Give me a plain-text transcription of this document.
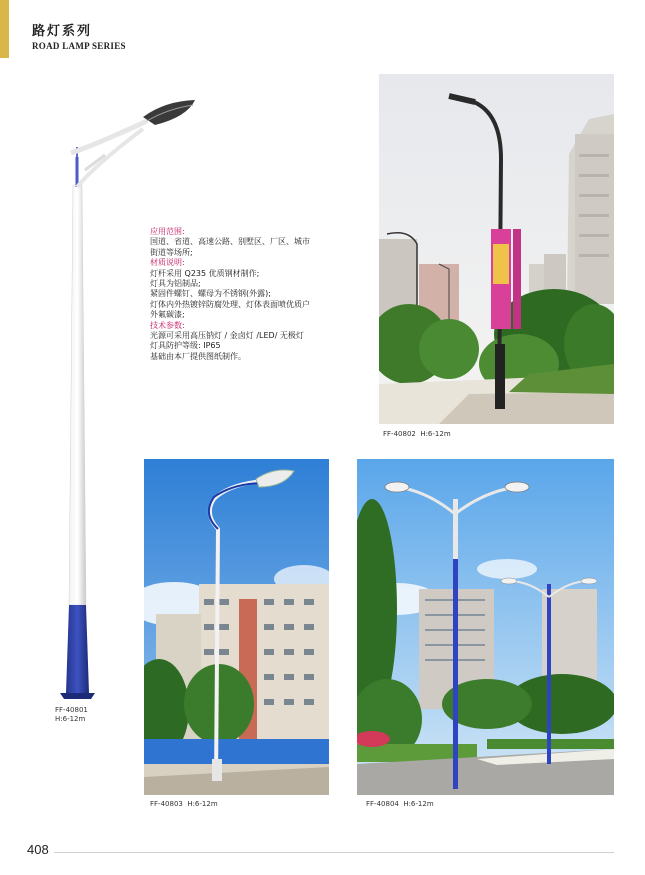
路灯系列
ROAD LAMP SERIES
FF-40801
H:6-12m
应用范围:
国道、省道、高速公路、别墅区、厂区、城市
街道等场所;
材质说明:
灯杆采用 Q235 优质钢材制作;
灯具为铝制品;
紧固件螺钉、螺母为不锈钢(外露);
灯体内外热镀锌防腐处理、灯体表面喷优质户
外氟碳漆;
技术参数:
光源可采用高压钠灯 / 金卤灯 /LED/ 无极灯
灯具防护等级: IP65
基础由本厂提供图纸制作。
FF-40802 H:6-12m
FF-40803 H:6-12m	FF-40804 H:6-12m
408
